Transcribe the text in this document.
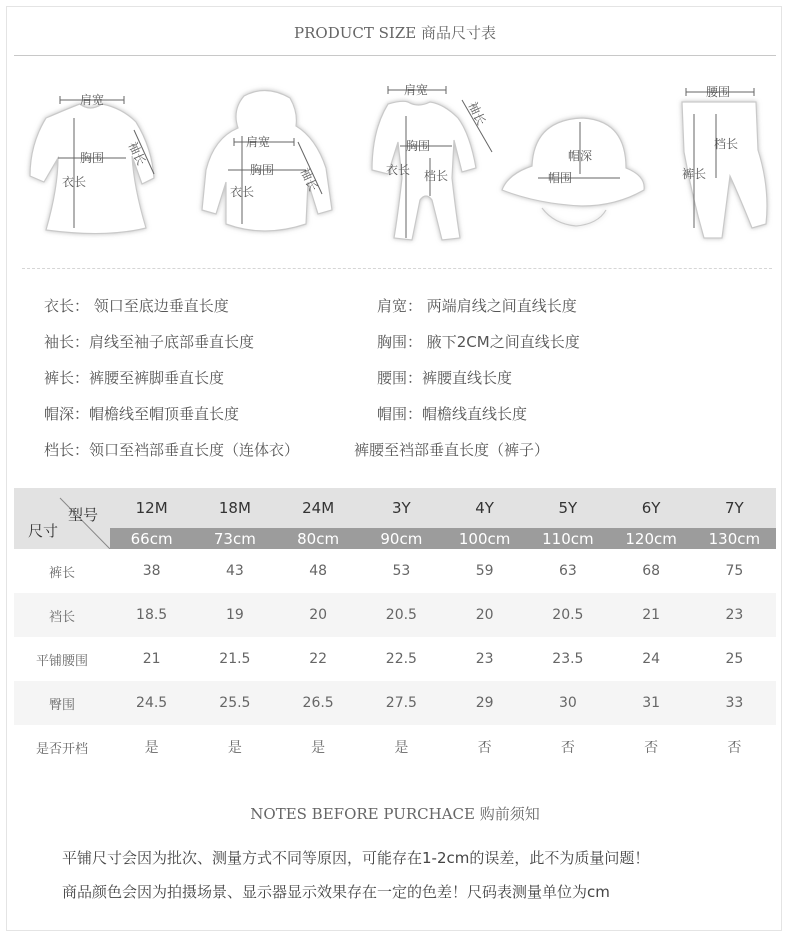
PRODUCT SIZE 商品尺寸表
肩宽
胸围
衣长
袖长	肩宽
胸围
衣长	袖长
肩宽
胸围
衣长 档长
袖长
帽深
帽围
腰围
档长
裤长
衣长： 领口至底边垂直长度	肩宽： 两端肩线之间直线长度
袖长：肩线至袖子底部垂直长度	胸围： 腋下2CM之间直线长度
裤长：裤腰至裤脚垂直长度	腰围：裤腰直线长度
帽深：帽檐线至帽顶垂直长度	帽围：帽檐线直线长度
档长：领口至裆部垂直长度（连体衣）	裤腰至裆部垂直长度（裤子）
型号
尺寸	12M	18M	24M	3Y	4Y	5Y	6Y	7Y
	66cm	73cm	80cm	90cm	100cm	110cm	120cm	130cm
裤长	38	43	48	53	59	63	68	75
裆长	18.5	19	20	20.5	20	20.5	21	23
平铺腰围	21	21.5	22	22.5	23	23.5	24	25
臀围	24.5	25.5	26.5	27.5	29	30	31	33
是否开档	是	是	是	是	否	否	否	否
NOTES BEFORE PURCHACE 购前须知
平铺尺寸会因为批次、测量方式不同等原因，可能存在1-2cm的误差，此不为质量问题！
商品颜色会因为拍摄场景、显示器显示效果存在一定的色差！尺码表测量单位为cm
